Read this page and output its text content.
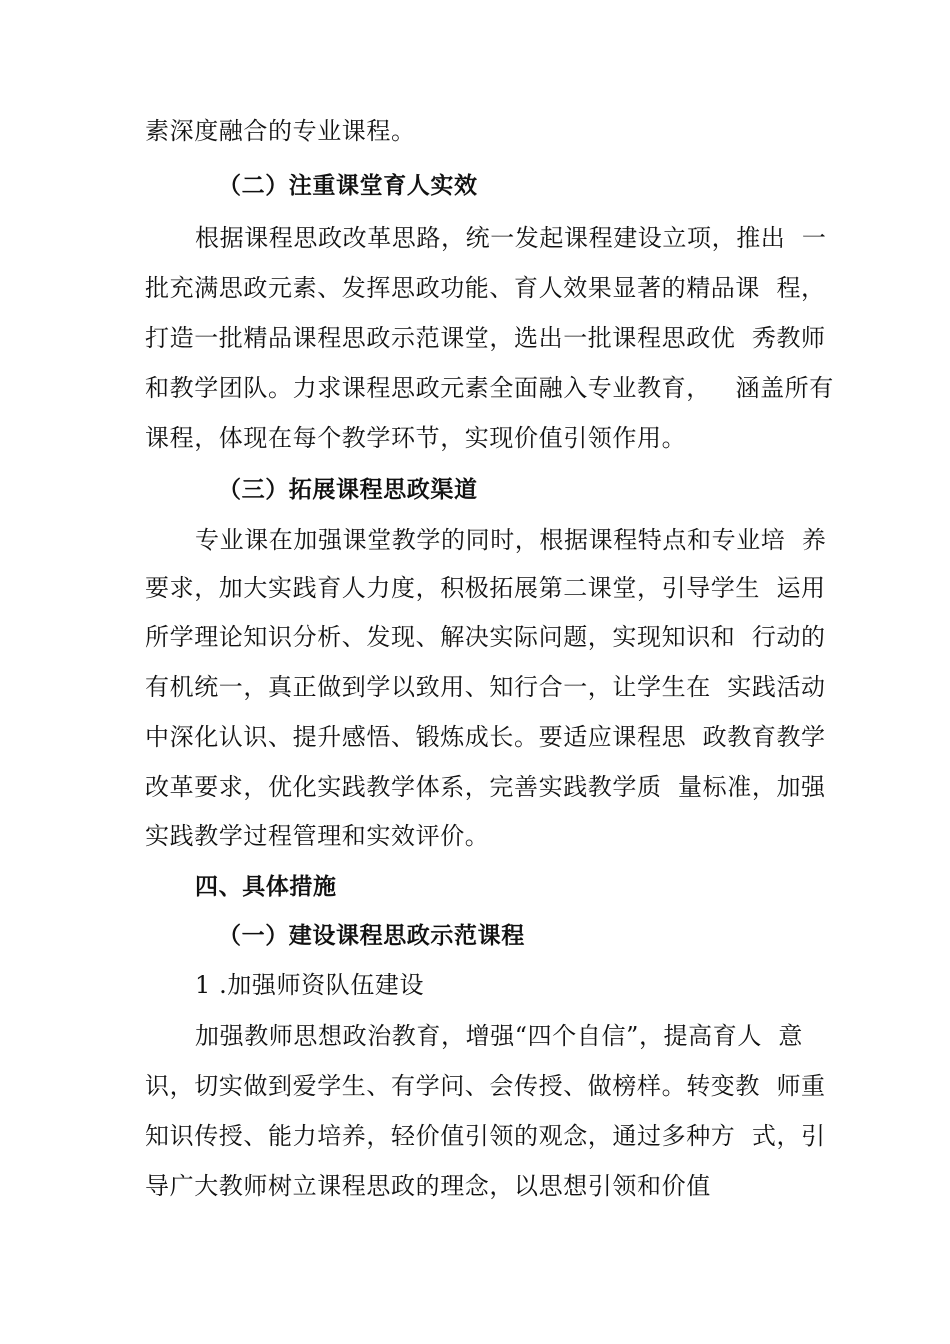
素深度融合的专业课程。
（二）注重课堂育人实效
根据课程思政改革思路，统一发起课程建设立项，推出  一
批充满思政元素、发挥思政功能、育人效果显著的精品课  程，
打造一批精品课程思政示范课堂，选出一批课程思政优  秀教师
和教学团队。力求课程思政元素全面融入专业教育，   涵盖所有
课程，体现在每个教学环节，实现价值引领作用。
（三）拓展课程思政渠道
专业课在加强课堂教学的同时，根据课程特点和专业培  养
要求，加大实践育人力度，积极拓展第二课堂，引导学生  运用
所学理论知识分析、发现、解决实际问题，实现知识和  行动的
有机统一，真正做到学以致用、知行合一，让学生在  实践活动
中深化认识、提升感悟、锻炼成长。要适应课程思  政教育教学
改革要求，优化实践教学体系，完善实践教学质  量标准，加强
实践教学过程管理和实效评价。
四、具体措施
（一）建设课程思政示范课程
1 .加强师资队伍建设
加强教师思想政治教育，增强“四个自信”，提高育人  意
识，切实做到爱学生、有学问、会传授、做榜样。转变教  师重
知识传授、能力培养，轻价值引领的观念，通过多种方  式，引
导广大教师树立课程思政的理念，以思想引领和价值
